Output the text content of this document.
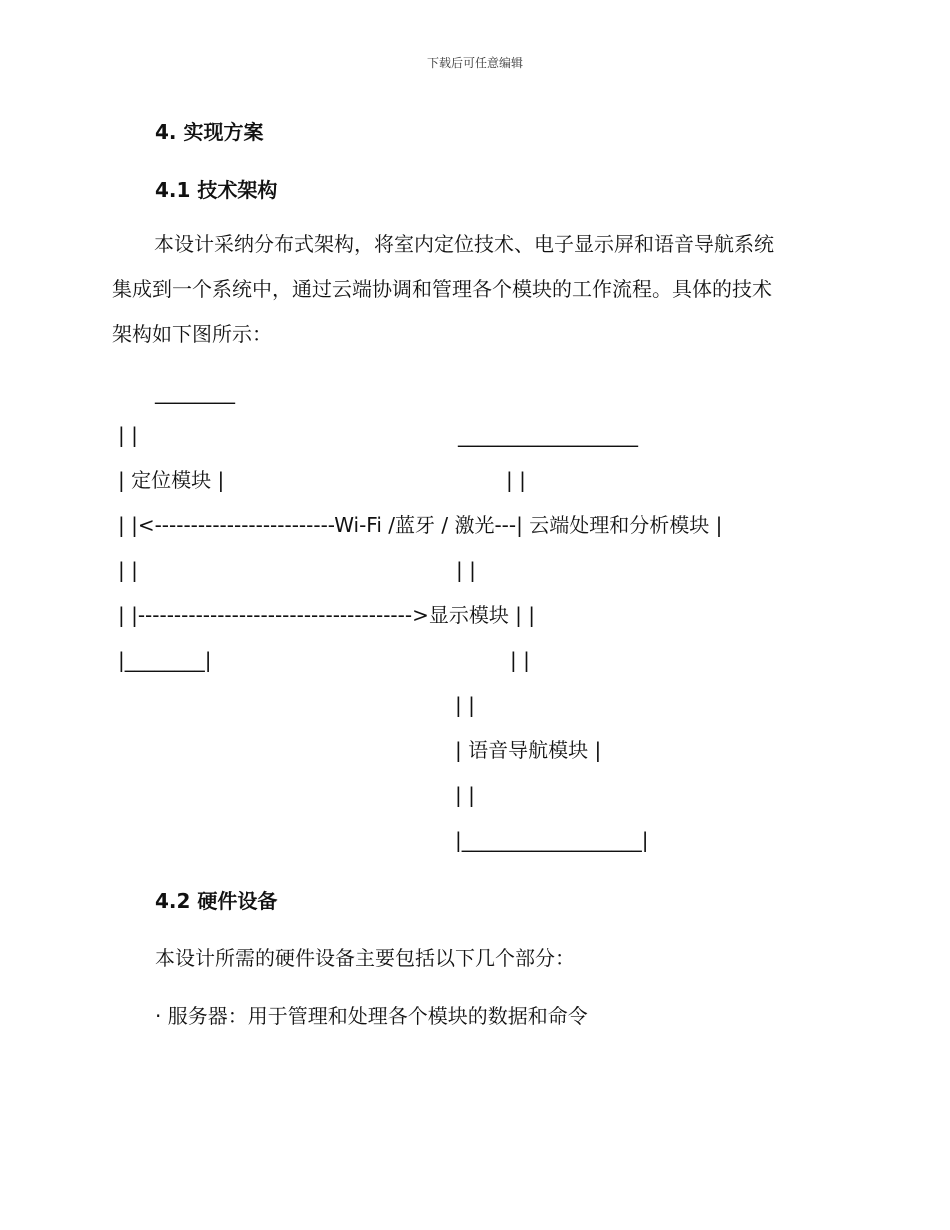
下载后可任意编辑
4. 实现方案
4.1 技术架构
本设计采纳分布式架构，将室内定位技术、电子显示屏和语音导航系统
集成到一个系统中，通过云端协调和管理各个模块的工作流程。具体的技术
架构如下图所示：
________
| |	__________________
| 定位模块 |	| |
| |<-------------------------Wi-Fi /蓝牙 / 激光---| 云端处理和分析模块 |
| |	| |
| |-------------------------------------->显示模块 | |
|________|	| |
| |
| 语音导航模块 |
| |
|__________________|
4.2 硬件设备
本设计所需的硬件设备主要包括以下几个部分：
· 服务器：用于管理和处理各个模块的数据和命令
